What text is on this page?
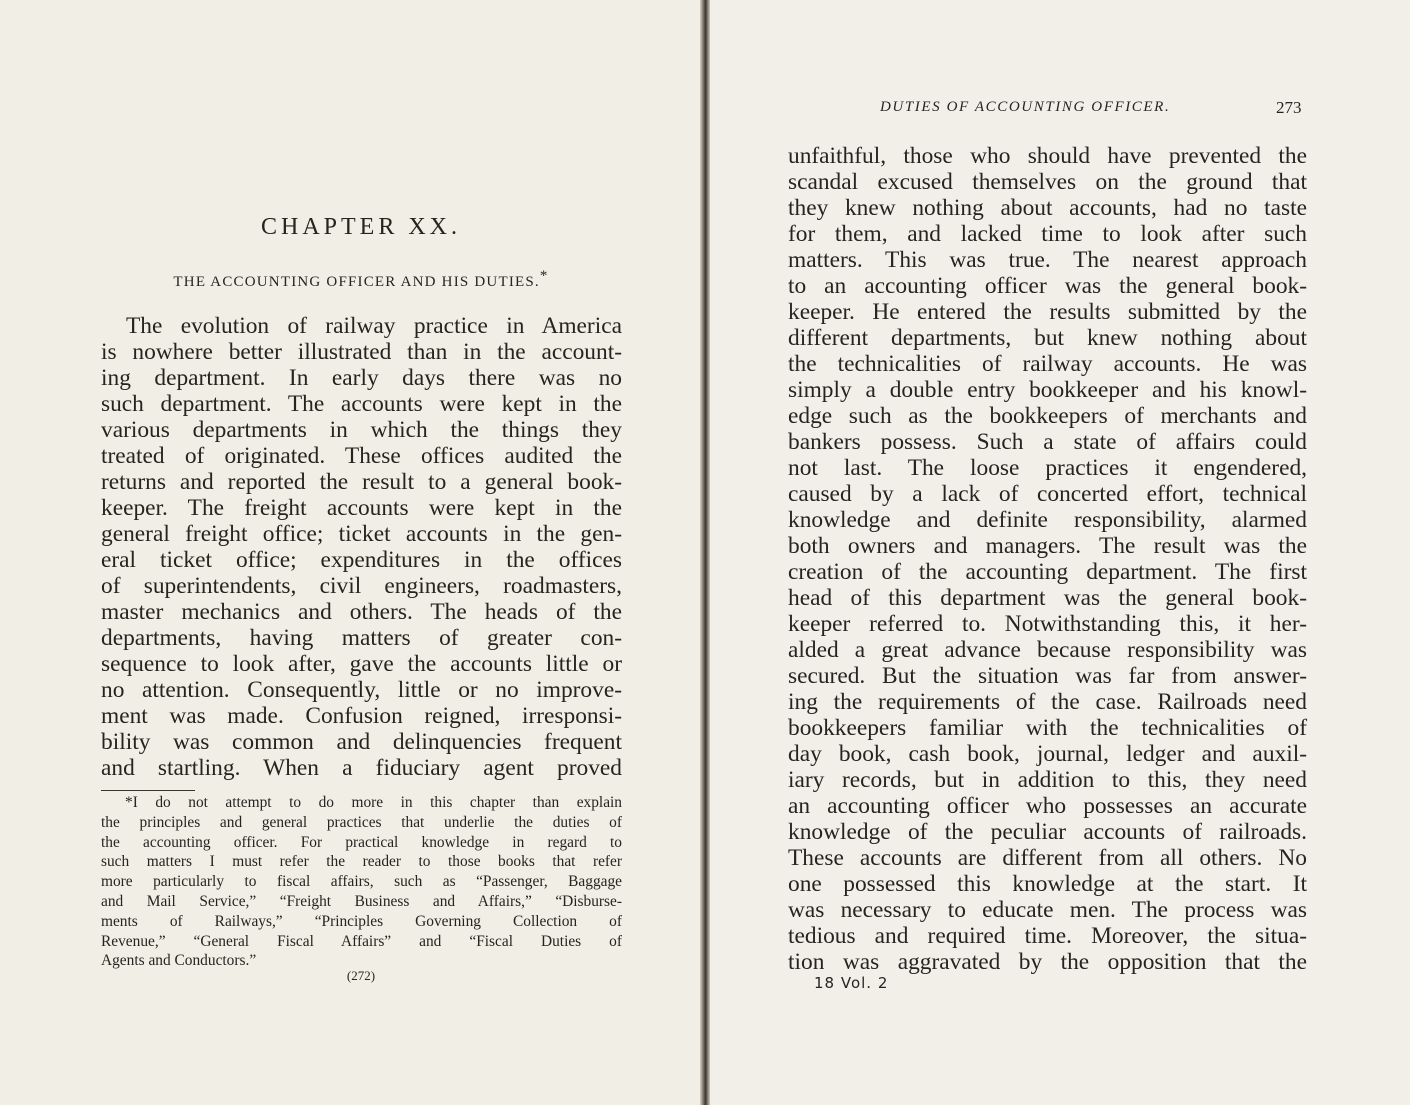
CHAPTER XX.
THE ACCOUNTING OFFICER AND HIS DUTIES.*
The evolution of railway practice in America
is nowhere better illustrated than in the account-
ing department. In early days there was no
such department. The accounts were kept in the
various departments in which the things they
treated of originated. These offices audited the
returns and reported the result to a general book-
keeper. The freight accounts were kept in the
general freight office; ticket accounts in the gen-
eral ticket office; expenditures in the offices
of superintendents, civil engineers, roadmasters,
master mechanics and others. The heads of the
departments, having matters of greater con-
sequence to look after, gave the accounts little or
no attention. Consequently, little or no improve-
ment was made. Confusion reigned, irresponsi-
bility was common and delinquencies frequent
and startling. When a fiduciary agent proved
*I do not attempt to do more in this chapter than explain
the principles and general practices that underlie the duties of
the accounting officer. For practical knowledge in regard to
such matters I must refer the reader to those books that refer
more particularly to fiscal affairs, such as “Passenger, Baggage
and Mail Service,” “Freight Business and Affairs,” “Disburse-
ments of Railways,” “Principles Governing Collection of
Revenue,” “General Fiscal Affairs” and “Fiscal Duties of
Agents and Conductors.”
(272)
DUTIES OF ACCOUNTING OFFICER.	273
unfaithful, those who should have prevented the
scandal excused themselves on the ground that
they knew nothing about accounts, had no taste
for them, and lacked time to look after such
matters. This was true. The nearest approach
to an accounting officer was the general book-
keeper. He entered the results submitted by the
different departments, but knew nothing about
the technicalities of railway accounts. He was
simply a double entry bookkeeper and his knowl-
edge such as the bookkeepers of merchants and
bankers possess. Such a state of affairs could
not last. The loose practices it engendered,
caused by a lack of concerted effort, technical
knowledge and definite responsibility, alarmed
both owners and managers. The result was the
creation of the accounting department. The first
head of this department was the general book-
keeper referred to. Notwithstanding this, it her-
alded a great advance because responsibility was
secured. But the situation was far from answer-
ing the requirements of the case. Railroads need
bookkeepers familiar with the technicalities of
day book, cash book, journal, ledger and auxil-
iary records, but in addition to this, they need
an accounting officer who possesses an accurate
knowledge of the peculiar accounts of railroads.
These accounts are different from all others. No
one possessed this knowledge at the start. It
was necessary to educate men. The process was
tedious and required time. Moreover, the situa-
tion was aggravated by the opposition that the
18 Vol. 2
